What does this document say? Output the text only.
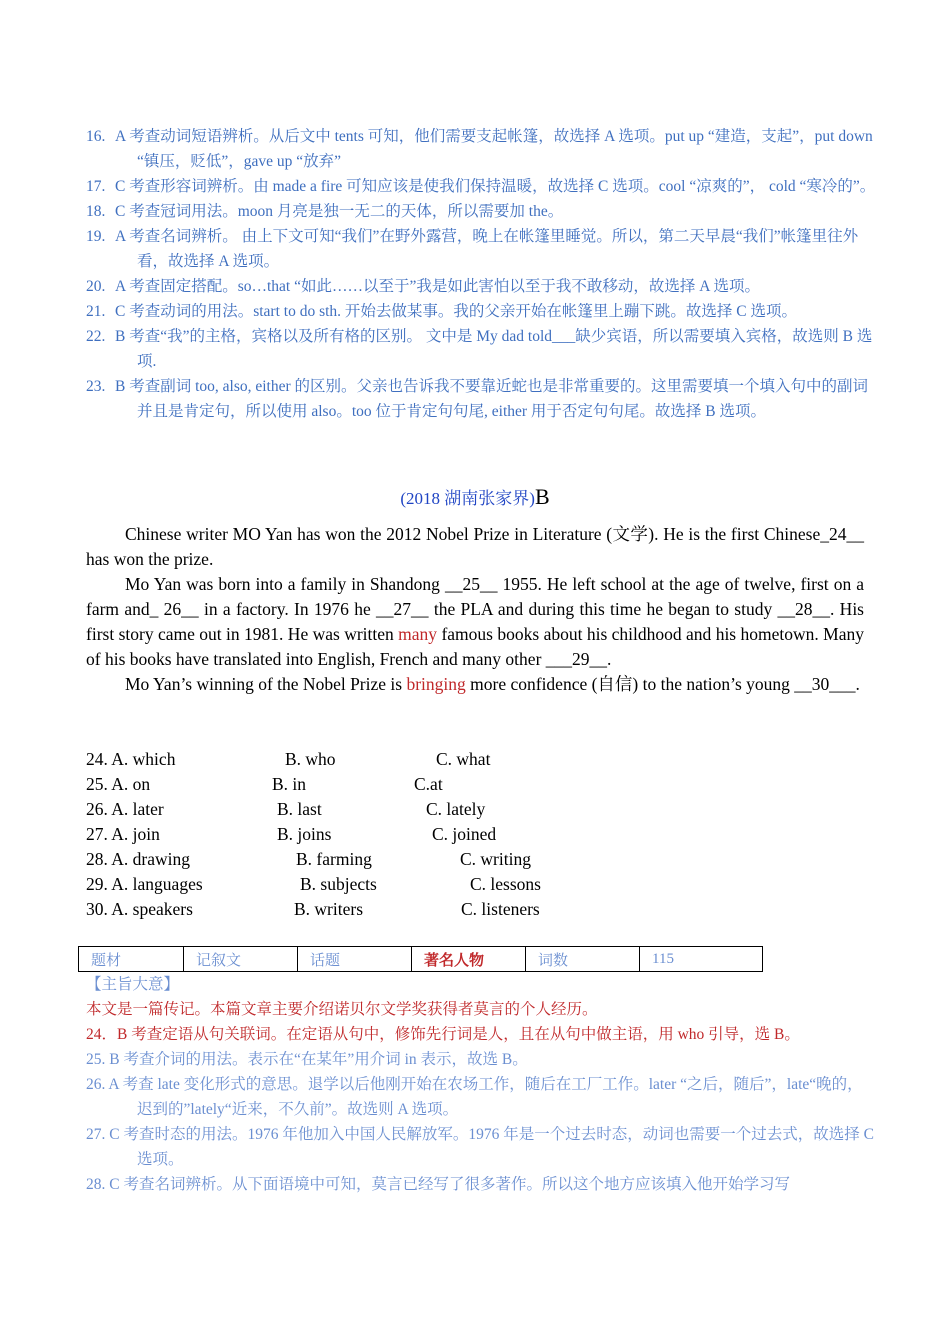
16. A 考查动词短语辨析。从后文中 tents 可知，他们需要支起帐篷，故选择 A 选项。put up “建造，支起”，put down “镇压，贬低”，gave up “放弃”
17. C 考查形容词辨析。由 made a fire 可知应该是使我们保持温暖，故选择 C 选项。cool “凉爽的”， cold “寒冷的”。
18. C 考查冠词用法。moon 月亮是独一无二的天体，所以需要加 the。
19. A 考查名词辨析。 由上下文可知“我们”在野外露营，晚上在帐篷里睡觉。所以，第二天早晨“我们”帐篷里往外看，故选择 A 选项。
20. A 考查固定搭配。so…that “如此……以至于”我是如此害怕以至于我不敢移动，故选择 A 选项。
21. C 考查动词的用法。start to do sth. 开始去做某事。我的父亲开始在帐篷里上蹦下跳。故选择 C 选项。
22. B 考查“我”的主格，宾格以及所有格的区别。 文中是 My dad told___缺少宾语，所以需要填入宾格，故选则 B 选项.
23. B 考查副词 too, also, either 的区别。父亲也告诉我不要靠近蛇也是非常重要的。这里需要填一个填入句中的副词并且是肯定句，所以使用 also。too 位于肯定句句尾, either 用于否定句句尾。故选择 B 选项。
(2018 湖南张家界)B

Chinese writer MO Yan has won the 2012 Nobel Prize in Literature (文学). He is the first Chinese_24__ has won the prize.

Mo Yan was born into a family in Shandong __25__ 1955. He left school at the age of twelve, first on a farm and_ 26__ in a factory. In 1976 he __27__ the PLA and during this time he began to study __28__. His first story came out in 1981. He was written many famous books about his childhood and his hometown. Many of his books have translated into English, French and many other ___29__.

Mo Yan’s winning of the Nobel Prize is bringing more confidence (自信) to the nation’s young __30___.

24. A. which	B. who	C. what
25. A. on	B. in	C.at
26. A. later	B. last	C. lately
27. A. join	B. joins	C. joined
28. A. drawing	B. farming	C. writing
29. A. languages	B. subjects	C. lessons
30. A. speakers	B. writers	C. listeners
题材	记叙文	话题	著名人物	词数	115
【主旨大意】
本文是一篇传记。本篇文章主要介绍诺贝尔文学奖获得者莫言的个人经历。
24．B 考查定语从句关联词。在定语从句中，修饰先行词是人，且在从句中做主语，用 who 引导，选 B。
25. B 考查介词的用法。表示在“在某年”用介词 in 表示，故选 B。
26. A 考查 late 变化形式的意思。退学以后他刚开始在农场工作，随后在工厂工作。later “之后，随后”，late“晚的，迟到的”lately“近来，不久前”。故选则 A 选项。
27. C 考查时态的用法。1976 年他加入中国人民解放军。1976 年是一个过去时态，动词也需要一个过去式，故选择 C 选项。
28. C 考查名词辨析。从下面语境中可知，莫言已经写了很多著作。所以这个地方应该填入他开始学习写
